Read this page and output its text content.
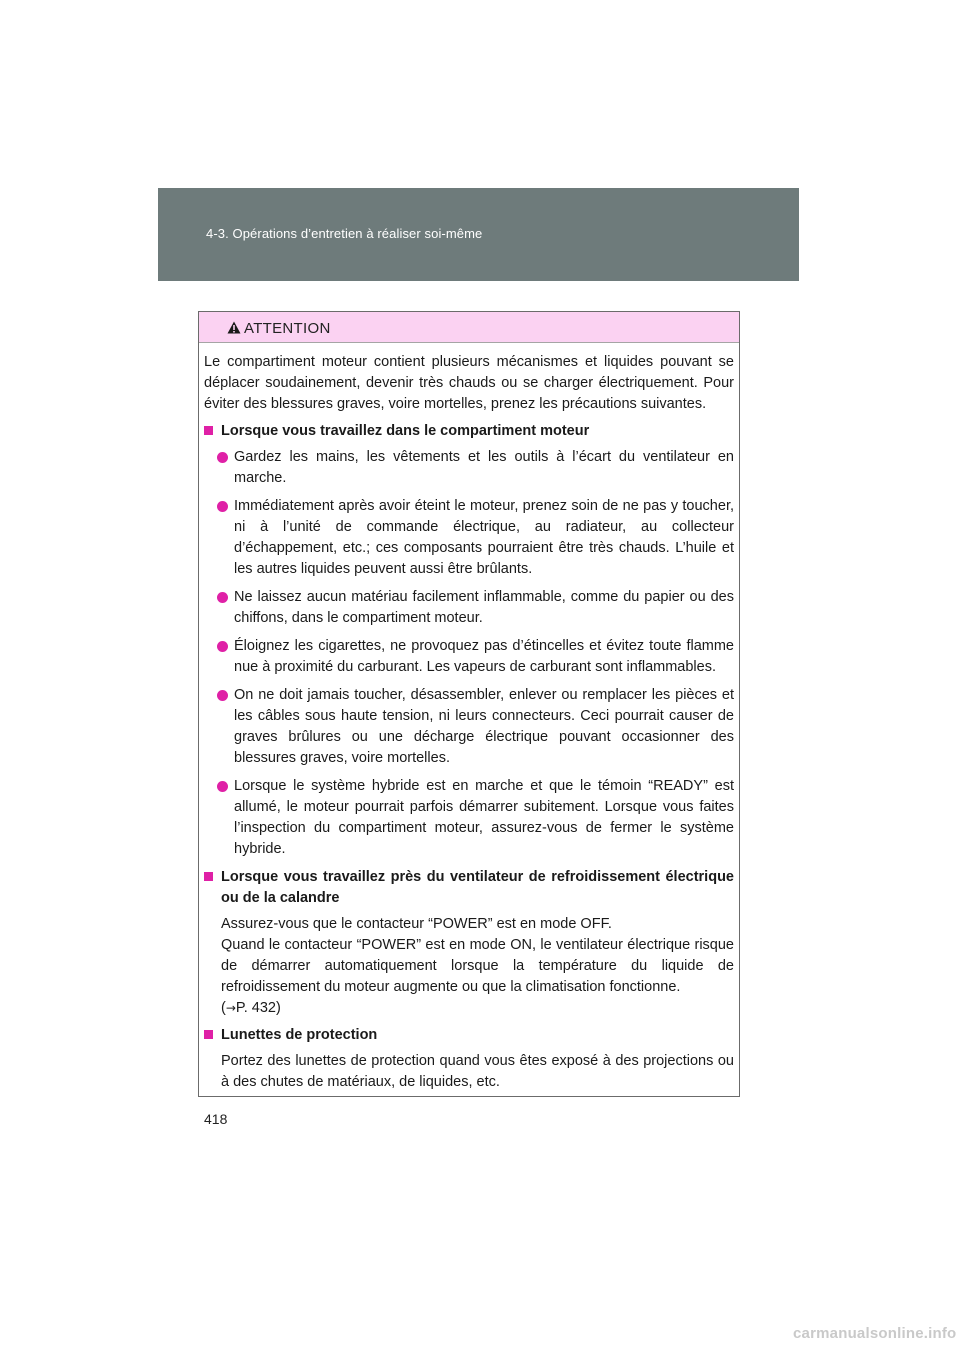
4-3. Opérations d’entretien à réaliser soi-même
ATTENTION

Le compartiment moteur contient plusieurs mécanismes et liquides pouvant se déplacer soudainement, devenir très chauds ou se charger électriquement. Pour éviter des blessures graves, voire mortelles, prenez les précautions suivantes.

Lorsque vous travaillez dans le compartiment moteur

Gardez les mains, les vêtements et les outils à l’écart du ventilateur en marche.

Immédiatement après avoir éteint le moteur, prenez soin de ne pas y toucher, ni à l’unité de commande électrique, au radiateur, au collecteur d’échappement, etc.; ces composants pourraient être très chauds. L’huile et les autres liquides peuvent aussi être brûlants.

Ne laissez aucun matériau facilement inflammable, comme du papier ou des chiffons, dans le compartiment moteur.

Éloignez les cigarettes, ne provoquez pas d’étincelles et évitez toute flamme nue à proximité du carburant. Les vapeurs de carburant sont inflammables.

On ne doit jamais toucher, désassembler, enlever ou remplacer les pièces et les câbles sous haute tension, ni leurs connecteurs. Ceci pourrait causer de graves brûlures ou une décharge électrique pouvant occasionner des blessures graves, voire mortelles.

Lorsque le système hybride est en marche et que le témoin “READY” est allumé, le moteur pourrait parfois démarrer subitement. Lorsque vous faites l’inspection du compartiment moteur, assurez-vous de fermer le système hybride.

Lorsque vous travaillez près du ventilateur de refroidissement électrique ou de la calandre

Assurez-vous que le contacteur “POWER” est en mode OFF.
Quand le contacteur “POWER” est en mode ON, le ventilateur électrique risque de démarrer automatiquement lorsque la température du liquide de refroidissement du moteur augmente ou que la climatisation fonctionne.
(→P. 432)

Lunettes de protection

Portez des lunettes de protection quand vous êtes exposé à des projections ou à des chutes de matériaux, de liquides, etc.

418
carmanualsonline.info
